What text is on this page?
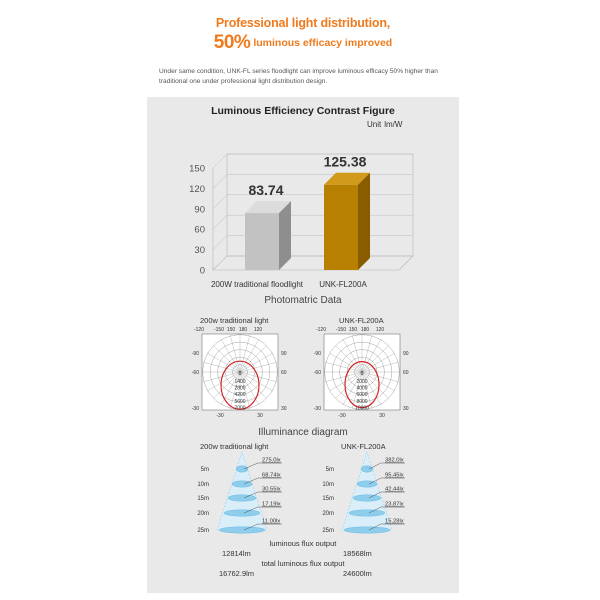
Professional light distribution,
50% luminous efficacy improved
Under same condition, UNK-FL series floodlight can improve luminous efficacy 50% higher than traditional one under professional light distribution design.
Luminous Efficiency Contrast Figure
Unit lm/W
150
120
90
60
30
0
83.74
125.38
200W traditional floodlight UNK-FL200A
Photomatric Data
200w traditional light	UNK-FL200A
1400
2800
4200
5600
7000
0
-120 -150 150 180 120
-90
-60
-30
90
60
30
-30	30
2000
4000
6000
8000
10000
0
-120 -150 150 180 120
-90
-60
-30
90
60
30
-30	30
Illuminance diagram
200w traditional light	UNK-FL200A
5m
275.0lx
10m
68.74lx
15m
30.55lx
20m
17.19lx
25m
11.00lx
5m
382.0lx
10m
95.45lx
15m
42.44lx
20m
23.87lx
25m
15.28lx
luminous flux output
12814lm	18568lm
total luminous flux output
16762.9lm	24600lm
